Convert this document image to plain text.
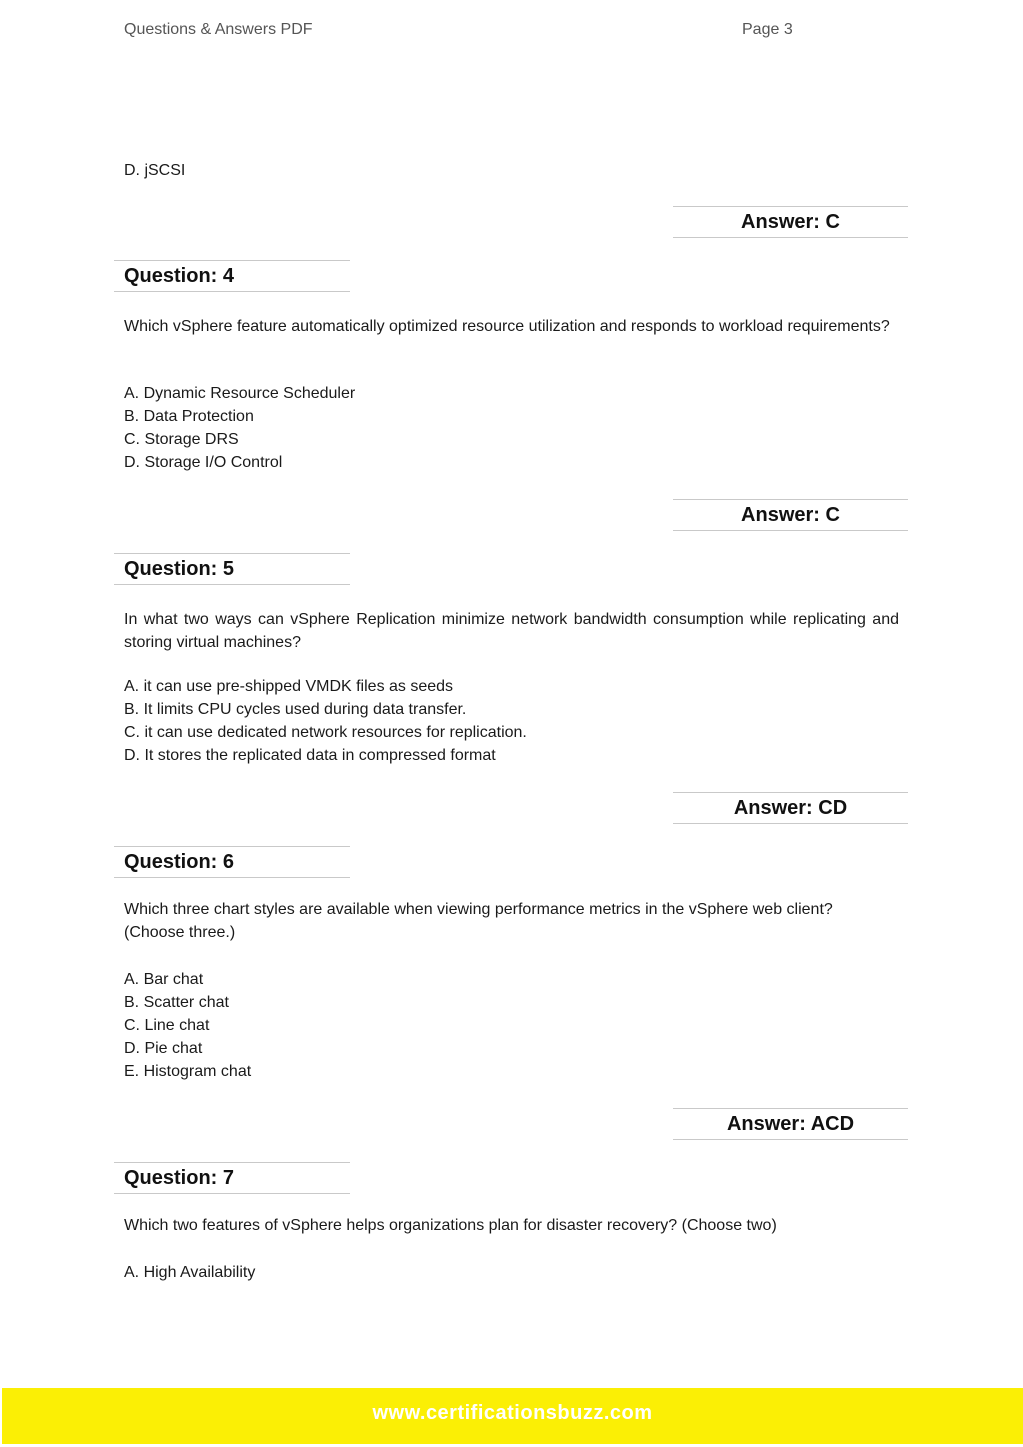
Questions & Answers PDF	Page 3
D. jSCSI
Answer: C
Question: 4
Which vSphere feature automatically optimized resource utilization and responds to workload requirements?
A. Dynamic Resource Scheduler
B. Data Protection
C. Storage DRS
D. Storage I/O Control
Answer: C
Question: 5
In what two ways can vSphere Replication minimize network bandwidth consumption while replicating and storing virtual machines?
A. it can use pre-shipped VMDK files as seeds
B. It limits CPU cycles used during data transfer.
C. it can use dedicated network resources for replication.
D. It stores the replicated data in compressed format
Answer: CD
Question: 6
Which three chart styles are available when viewing performance metrics in the vSphere web client?
(Choose three.)
A. Bar chat
B. Scatter chat
C. Line chat
D. Pie chat
E. Histogram chat
Answer: ACD
Question: 7
Which two features of vSphere helps organizations plan for disaster recovery? (Choose two)
A. High Availability
www.certificationsbuzz.com
